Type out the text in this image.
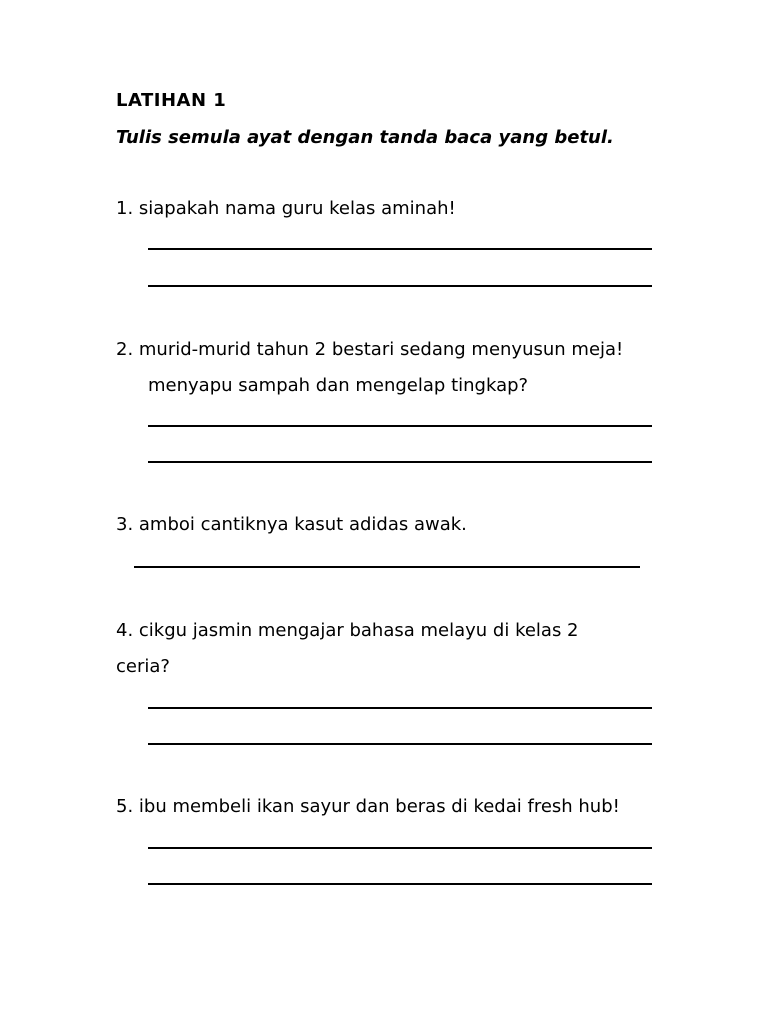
LATIHAN 1
Tulis semula ayat dengan tanda baca yang betul.
1. siapakah nama guru kelas aminah!
2. murid-murid tahun 2 bestari sedang menyusun meja!
menyapu sampah dan mengelap tingkap?
3. amboi cantiknya kasut adidas awak.
4. cikgu jasmin mengajar bahasa melayu di kelas 2
ceria?
5. ibu membeli ikan sayur dan beras di kedai fresh hub!
